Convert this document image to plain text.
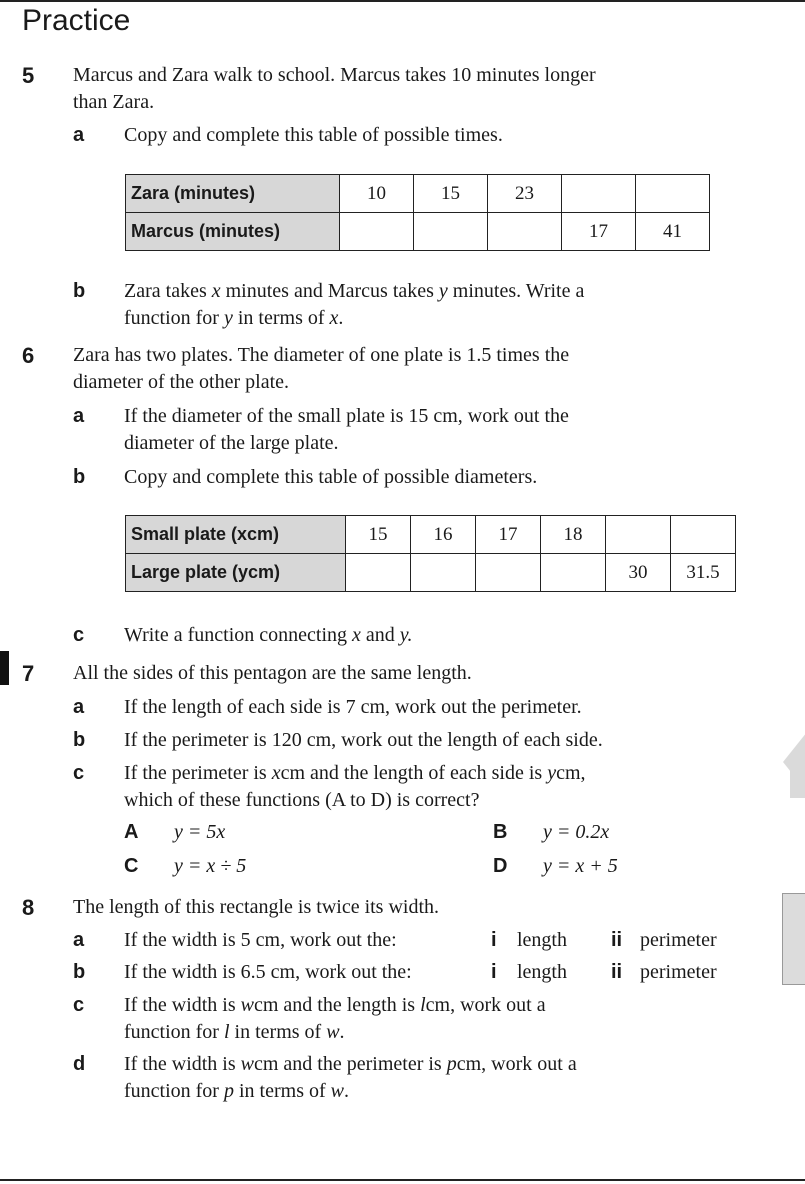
Practice
5 Marcus and Zara walk to school. Marcus takes 10 minutes longer
than Zara.
a Copy and complete this table of possible times.
Zara (minutes)	10	15	23		
Marcus (minutes)				17	41
b Zara takes x minutes and Marcus takes y minutes. Write a
function for y in terms of x.
6 Zara has two plates. The diameter of one plate is 1.5 times the
diameter of the other plate.
a If the diameter of the small plate is 15 cm, work out the
diameter of the large plate.
b Copy and complete this table of possible diameters.
Small plate (xcm)	15	16	17	18		
Large plate (ycm)					30	31.5
c Write a function connecting x and y.
7 All the sides of this pentagon are the same length.
a If the length of each side is 7 cm, work out the perimeter.
b If the perimeter is 120 cm, work out the length of each side.
c If the perimeter is xcm and the length of each side is ycm,
which of these functions (A to D) is correct?
A y = 5x	B y = 0.2x
C y = x ÷ 5	D y = x + 5
8 The length of this rectangle is twice its width.
a If the width is 5 cm, work out the:	i length ii perimeter
b If the width is 6.5 cm, work out the:	i length ii perimeter
c If the width is wcm and the length is lcm, work out a
function for l in terms of w.
d If the width is wcm and the perimeter is pcm, work out a
function for p in terms of w.
